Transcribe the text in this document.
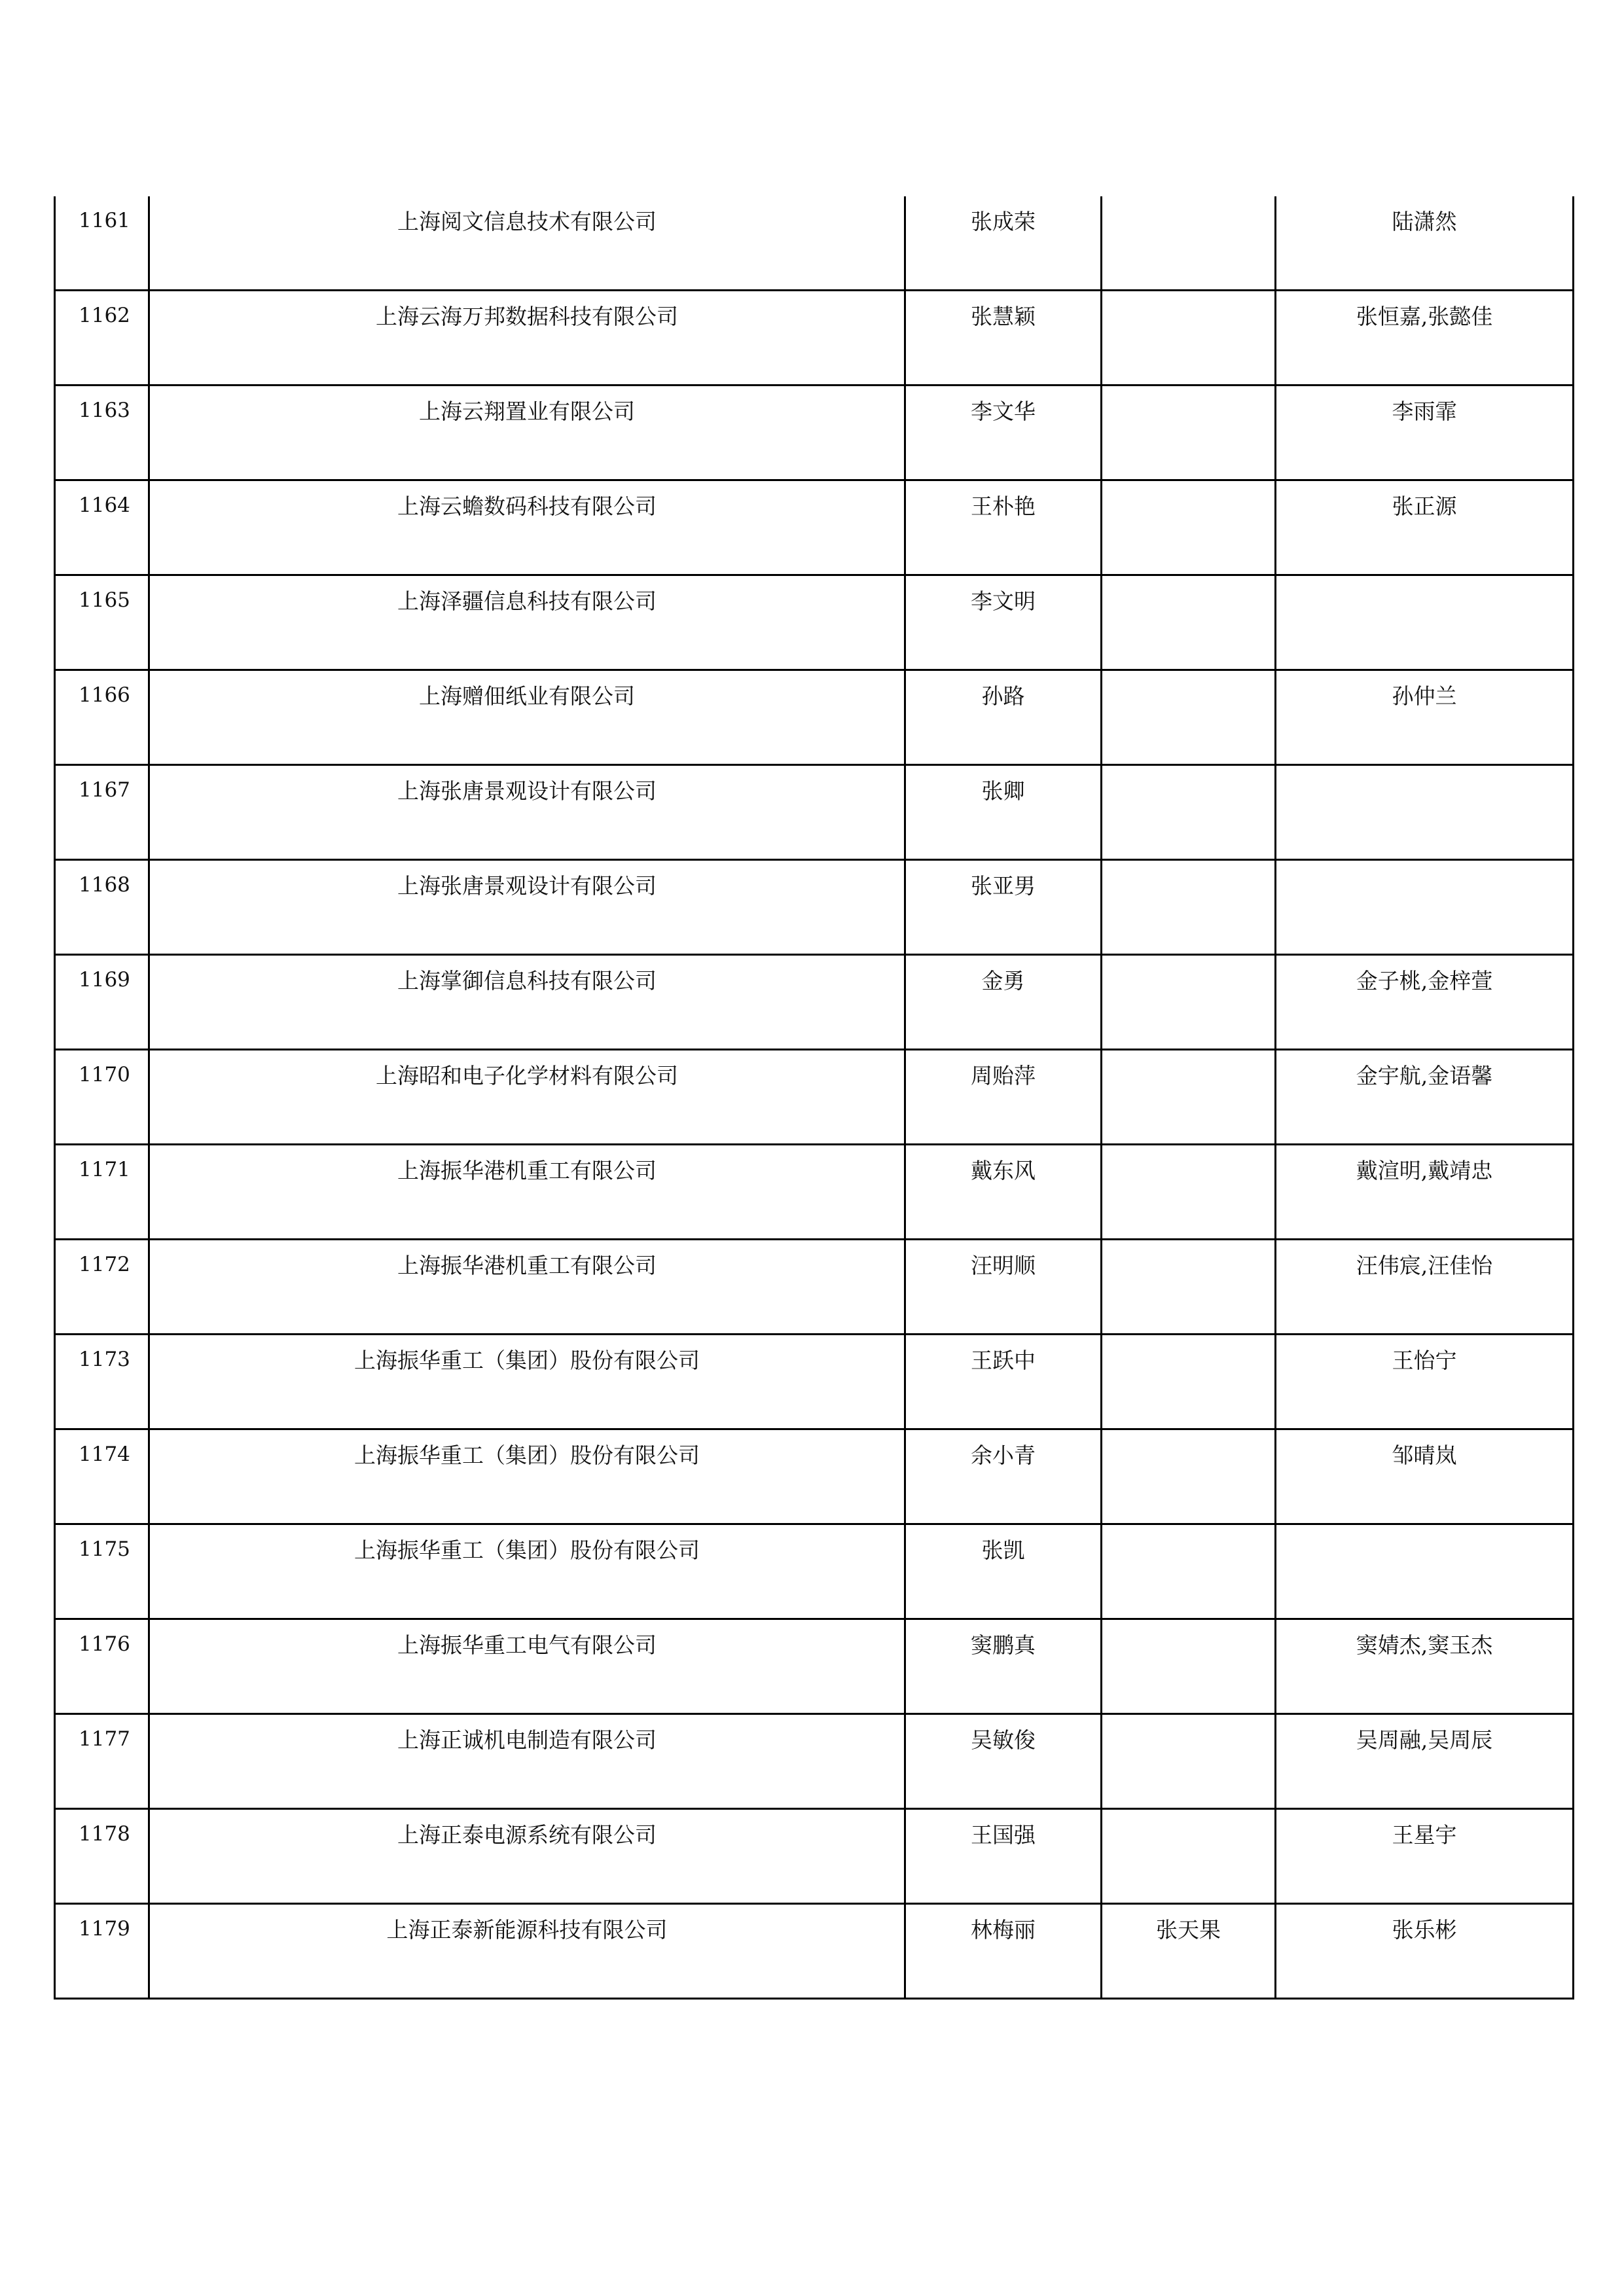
1161	上海阅文信息技术有限公司	张成荣		陆潇然
1162	上海云海万邦数据科技有限公司	张慧颖		张恒嘉,张懿佳
1163	上海云翔置业有限公司	李文华		李雨霏
1164	上海云蟾数码科技有限公司	王朴艳		张正源
1165	上海泽疆信息科技有限公司	李文明		
1166	上海赠佃纸业有限公司	孙路		孙仲兰
1167	上海张唐景观设计有限公司	张卿		
1168	上海张唐景观设计有限公司	张亚男		
1169	上海掌御信息科技有限公司	金勇		金子桃,金梓萱
1170	上海昭和电子化学材料有限公司	周贻萍		金宇航,金语馨
1171	上海振华港机重工有限公司	戴东风		戴渲明,戴靖忠
1172	上海振华港机重工有限公司	汪明顺		汪伟宸,汪佳怡
1173	上海振华重工（集团）股份有限公司	王跃中		王怡宁
1174	上海振华重工（集团）股份有限公司	余小青		邹晴岚
1175	上海振华重工（集团）股份有限公司	张凯		
1176	上海振华重工电气有限公司	窦鹏真		窦婧杰,窦玉杰
1177	上海正诚机电制造有限公司	吴敏俊		吴周融,吴周辰
1178	上海正泰电源系统有限公司	王国强		王星宇
1179	上海正泰新能源科技有限公司	林梅丽	张天果	张乐彬
